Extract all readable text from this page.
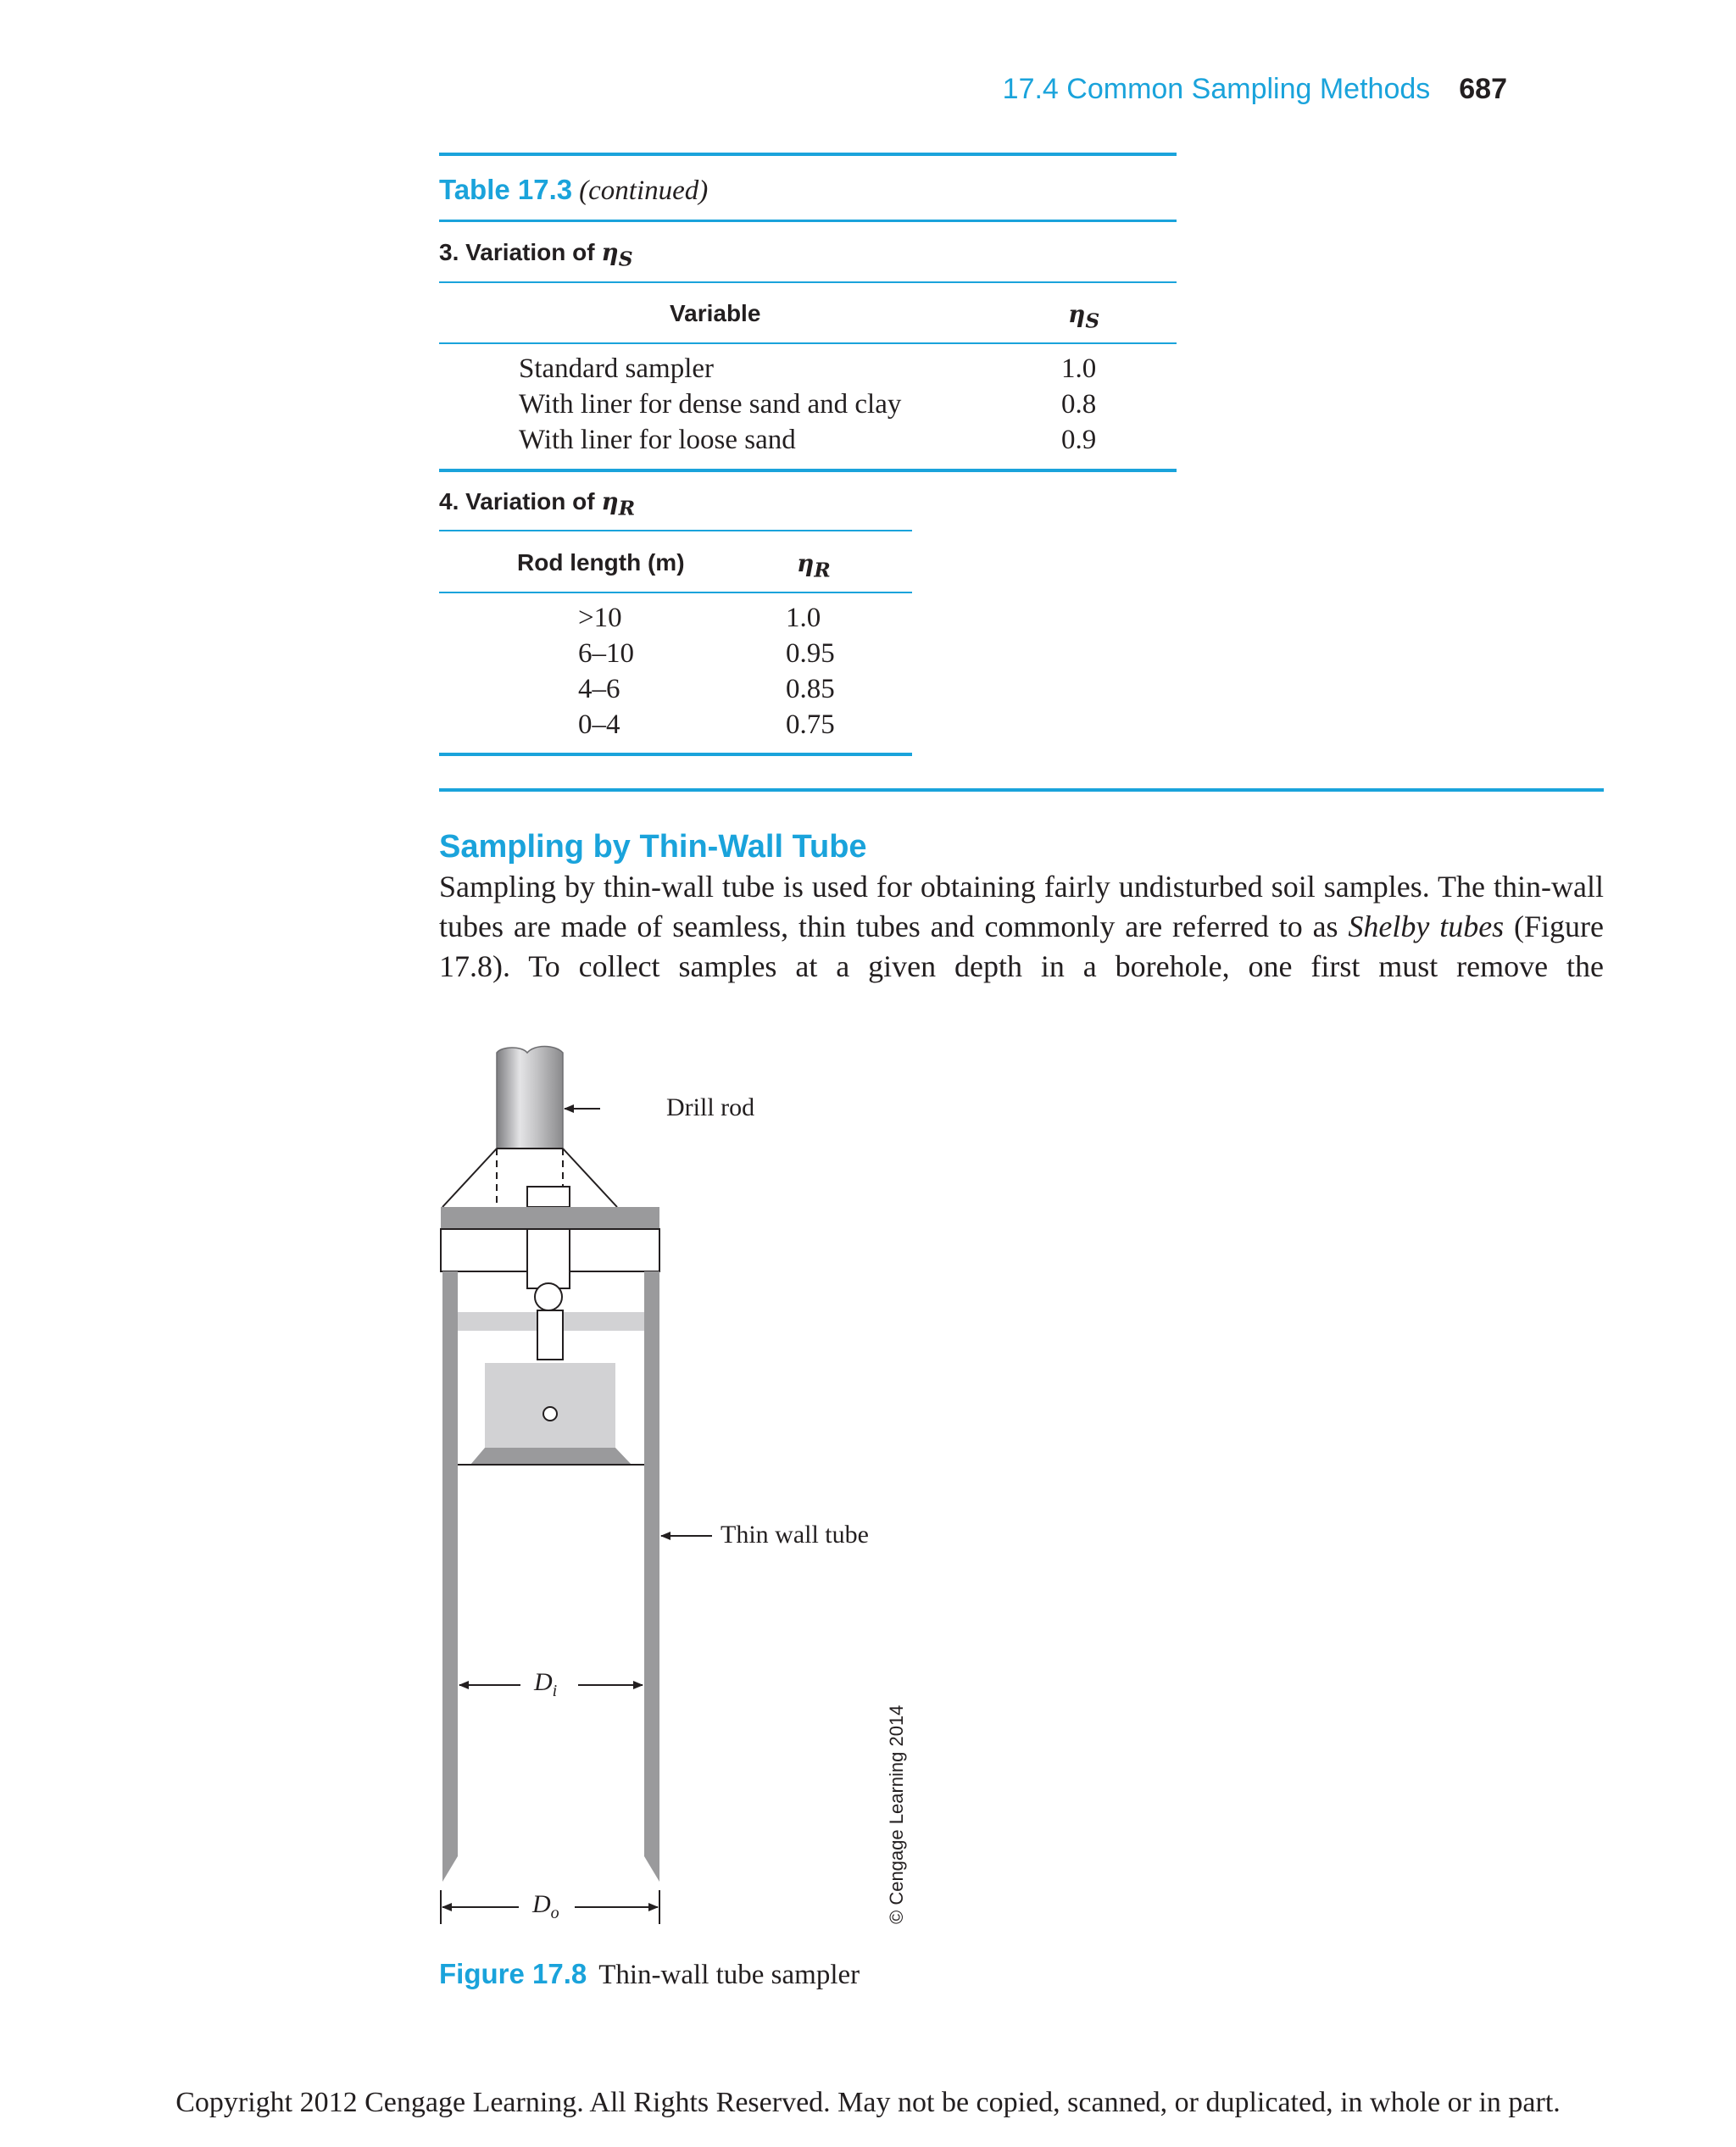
17.4 Common Sampling Methods 687
Table 17.3 (continued)
3. Variation of $\eta_S$
Variable	$\eta_S$
Standard sampler	1.0
With liner for dense sand and clay	0.8
With liner for loose sand	0.9
4. Variation of $\eta_R$
Rod length (m)	$\eta_R$
>10	1.0
6–10	0.95
4–6	0.85
0–4	0.75
Sampling by Thin-Wall Tube
Sampling by thin-wall tube is used for obtaining fairly undisturbed soil samples. The thin-wall tubes are made of seamless, thin tubes and commonly are referred to as Shelby tubes (Figure 17.8). To collect samples at a given depth in a borehole, one first must remove the
Drill rod
Thin wall tube
$D_i$
$D_o$	© Cengage Learning 2014
Figure 17.8 Thin-wall tube sampler
Copyright 2012 Cengage Learning. All Rights Reserved. May not be copied, scanned, or duplicated, in whole or in part.
